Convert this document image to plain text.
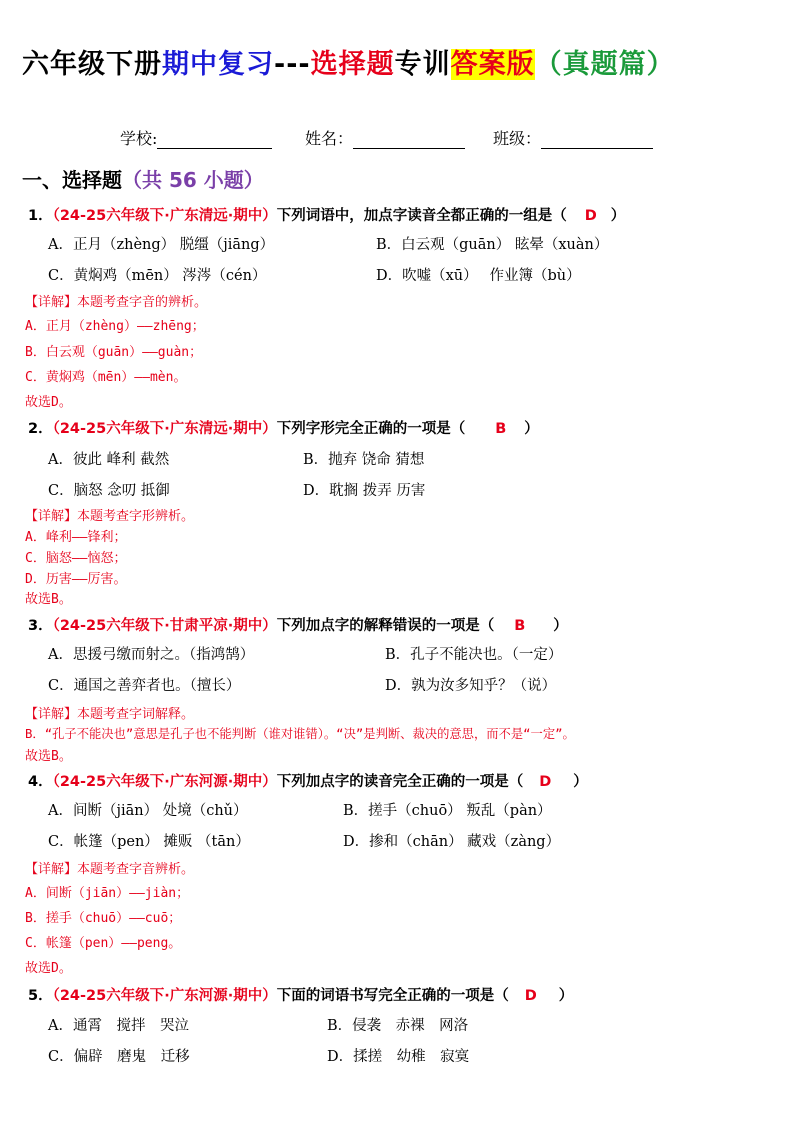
六年级下册期中复习---选择题专训答案版（真题篇）
学校:	姓名：	班级：
一、选择题（共 56 小题）
1．（24-25六年级下·广东清远·期中）下列词语中，加点字读音全都正确的一组是（ D ）
A．正月（zhèng） 脱缰（jiāng）	B．白云观（guān） 眩晕（xuàn）
C．黄焖鸡（mēn） 涔涔（cén）	D．吹嘘（xū）　 作业簿（bù）
【详解】本题考查字音的辨析。
A．正月（zhèng）——zhēng；
B．白云观（guān）——guàn；
C．黄焖鸡（mēn）——mèn。
故选D。
2．（24-25六年级下·广东清远·期中）下列字形完全正确的一项是（ B ）
A．彼此 峰利 截然	B．抛弃 饶命 猜想
C．脑怒 念叨 抵御	D．耽搁 拨弄 历害
【详解】本题考查字形辨析。
A．峰利——锋利；
C．脑怒——恼怒；
D．历害——厉害。
故选B。
3．（24-25六年级下·甘肃平凉·期中）下列加点字的解释错误的一项是（ B ）
A．思援弓缴而射之。（指鸿鹄）	B．孔子不能决也。（一定）
C．通国之善弈者也。（擅长）	D．孰为汝多知乎？（说）
【详解】本题考查字词解释。
B．“孔子不能决也”意思是孔子也不能判断（谁对谁错）。“决”是判断、裁决的意思，而不是“一定”。
故选B。
4．（24-25六年级下·广东河源·期中）下列加点字的读音完全正确的一项是（ D ）
A．间断（jiān） 处境（chǔ）	B．搓手（chuō） 叛乱（pàn）
C．帐篷（pen） 摊贩 （tān）	D．掺和（chān） 藏戏（zàng）
【详解】本题考查字音辨析。
A．间断（jiān）——jiàn；
B．搓手（chuō）——cuō；
C．帐篷（pen）——peng。
故选D。
5．（24-25六年级下·广东河源·期中）下面的词语书写完全正确的一项是（ D ）
A．通霄　搅拌　哭泣	B．侵袭　赤裸　网洛
C．偏辟　磨鬼　迁移	D．揉搓　幼稚　寂寞
